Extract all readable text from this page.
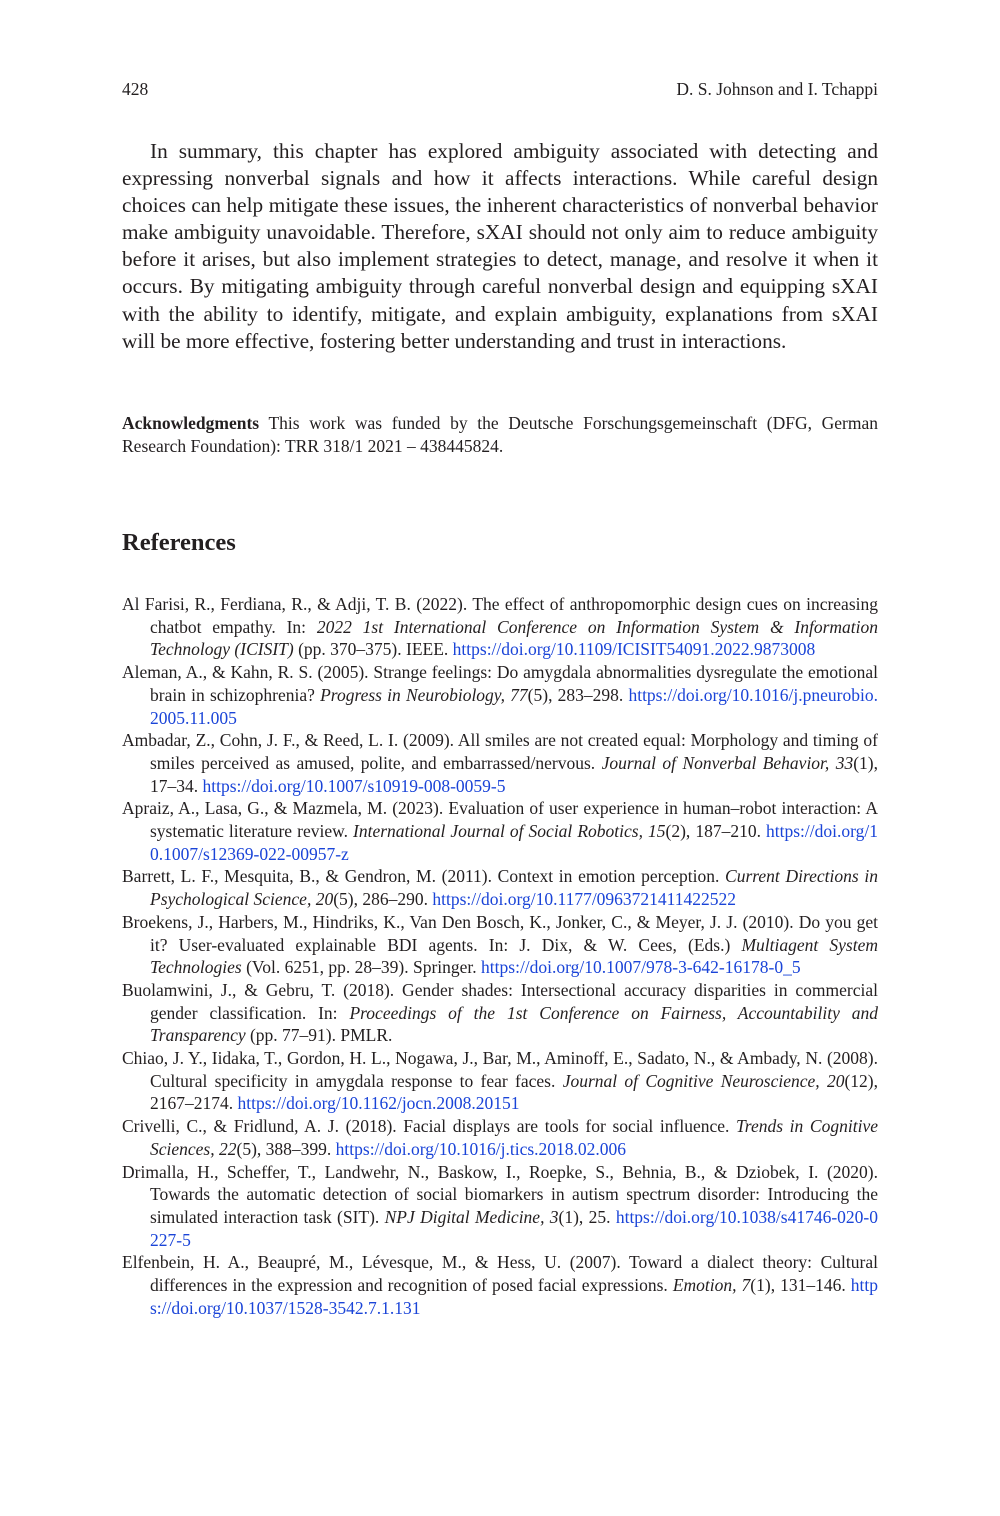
428	D. S. Johnson and I. Tchappi

In summary, this chapter has explored ambiguity associated with detecting and expressing nonverbal signals and how it affects interactions. While careful design choices can help mitigate these issues, the inherent characteristics of nonverbal behavior make ambiguity unavoidable. Therefore, sXAI should not only aim to reduce ambiguity before it arises, but also implement strategies to detect, manage, and resolve it when it occurs. By mitigating ambiguity through careful nonverbal design and equipping sXAI with the ability to identify, mitigate, and explain ambiguity, explanations from sXAI will be more effective, fostering better understanding and trust in interactions.

Acknowledgments This work was funded by the Deutsche Forschungsgemeinschaft (DFG, German Research Foundation): TRR 318/1 2021 – 438445824.

References
Al Farisi, R., Ferdiana, R., & Adji, T. B. (2022). The effect of anthropomorphic design cues on increasing chatbot empathy. In: 2022 1st International Conference on Information System & Information Technology (ICISIT) (pp. 370–375). IEEE. https://doi.org/10.1109/ICISIT54091.2022.9873008
Aleman, A., & Kahn, R. S. (2005). Strange feelings: Do amygdala abnormalities dysregulate the emotional brain in schizophrenia? Progress in Neurobiology, 77(5), 283–298. https://doi.org/10.1016/j.pneurobio.2005.11.005
Ambadar, Z., Cohn, J. F., & Reed, L. I. (2009). All smiles are not created equal: Morphology and timing of smiles perceived as amused, polite, and embarrassed/nervous. Journal of Nonverbal Behavior, 33(1), 17–34. https://doi.org/10.1007/s10919-008-0059-5
Apraiz, A., Lasa, G., & Mazmela, M. (2023). Evaluation of user experience in human–robot interaction: A systematic literature review. International Journal of Social Robotics, 15(2), 187–210. https://doi.org/10.1007/s12369-022-00957-z
Barrett, L. F., Mesquita, B., & Gendron, M. (2011). Context in emotion perception. Current Directions in Psychological Science, 20(5), 286–290. https://doi.org/10.1177/0963721411422522
Broekens, J., Harbers, M., Hindriks, K., Van Den Bosch, K., Jonker, C., & Meyer, J. J. (2010). Do you get it? User-evaluated explainable BDI agents. In: J. Dix, & W. Cees, (Eds.) Multiagent System Technologies (Vol. 6251, pp. 28–39). Springer. https://doi.org/10.1007/978-3-642-16178-0_5
Buolamwini, J., & Gebru, T. (2018). Gender shades: Intersectional accuracy disparities in commercial gender classification. In: Proceedings of the 1st Conference on Fairness, Accountability and Transparency (pp. 77–91). PMLR.
Chiao, J. Y., Iidaka, T., Gordon, H. L., Nogawa, J., Bar, M., Aminoff, E., Sadato, N., & Ambady, N. (2008). Cultural specificity in amygdala response to fear faces. Journal of Cognitive Neuroscience, 20(12), 2167–2174. https://doi.org/10.1162/jocn.2008.20151
Crivelli, C., & Fridlund, A. J. (2018). Facial displays are tools for social influence. Trends in Cognitive Sciences, 22(5), 388–399. https://doi.org/10.1016/j.tics.2018.02.006
Drimalla, H., Scheffer, T., Landwehr, N., Baskow, I., Roepke, S., Behnia, B., & Dziobek, I. (2020). Towards the automatic detection of social biomarkers in autism spectrum disorder: Introducing the simulated interaction task (SIT). NPJ Digital Medicine, 3(1), 25. https://doi.org/10.1038/s41746-020-0227-5
Elfenbein, H. A., Beaupré, M., Lévesque, M., & Hess, U. (2007). Toward a dialect theory: Cultural differences in the expression and recognition of posed facial expressions. Emotion, 7(1), 131–146. https://doi.org/10.1037/1528-3542.7.1.131
